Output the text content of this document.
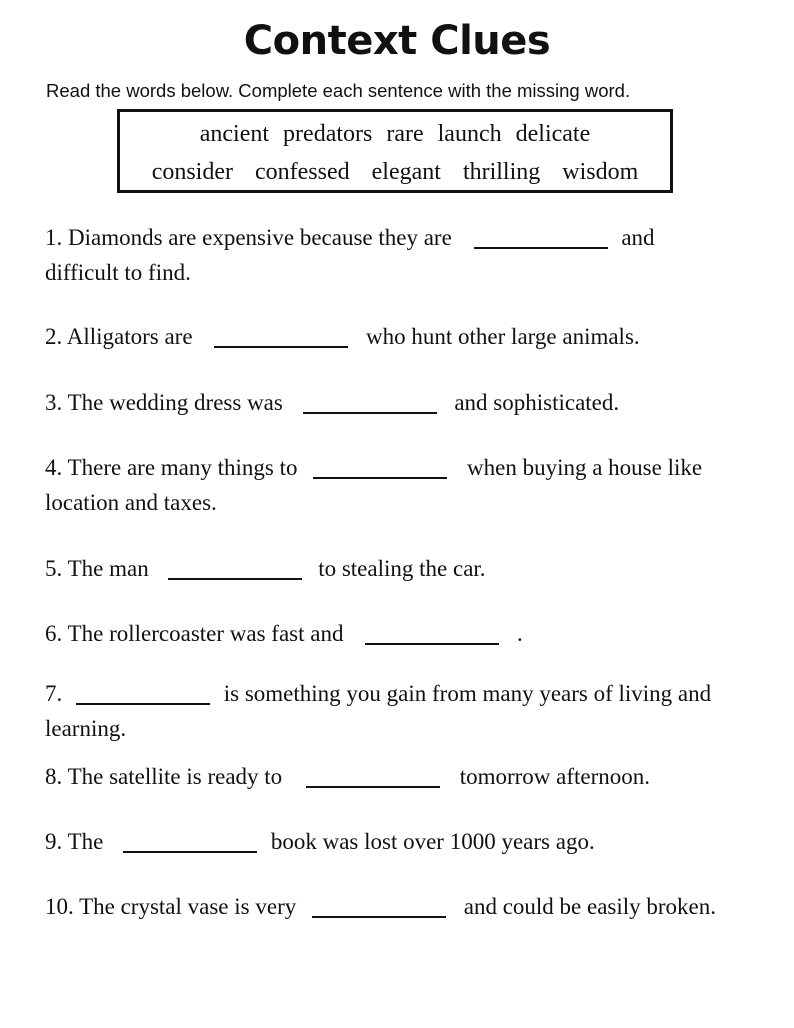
Context Clues
Read the words below. Complete each sentence with the missing word.
ancient predators rare launch delicate
consider confessed elegant thrilling wisdom
1. Diamonds are expensive because they are	and
difficult to find.
2. Alligators are	who hunt other large animals.
3. The wedding dress was	and sophisticated.
4. There are many things to	when buying a house like
location and taxes.
5. The man	to stealing the car.
6. The rollercoaster was fast and	.
7.	is something you gain from many years of living and
learning.
8. The satellite is ready to	tomorrow afternoon.
9. The	book was lost over 1000 years ago.
10. The crystal vase is very	and could be easily broken.
